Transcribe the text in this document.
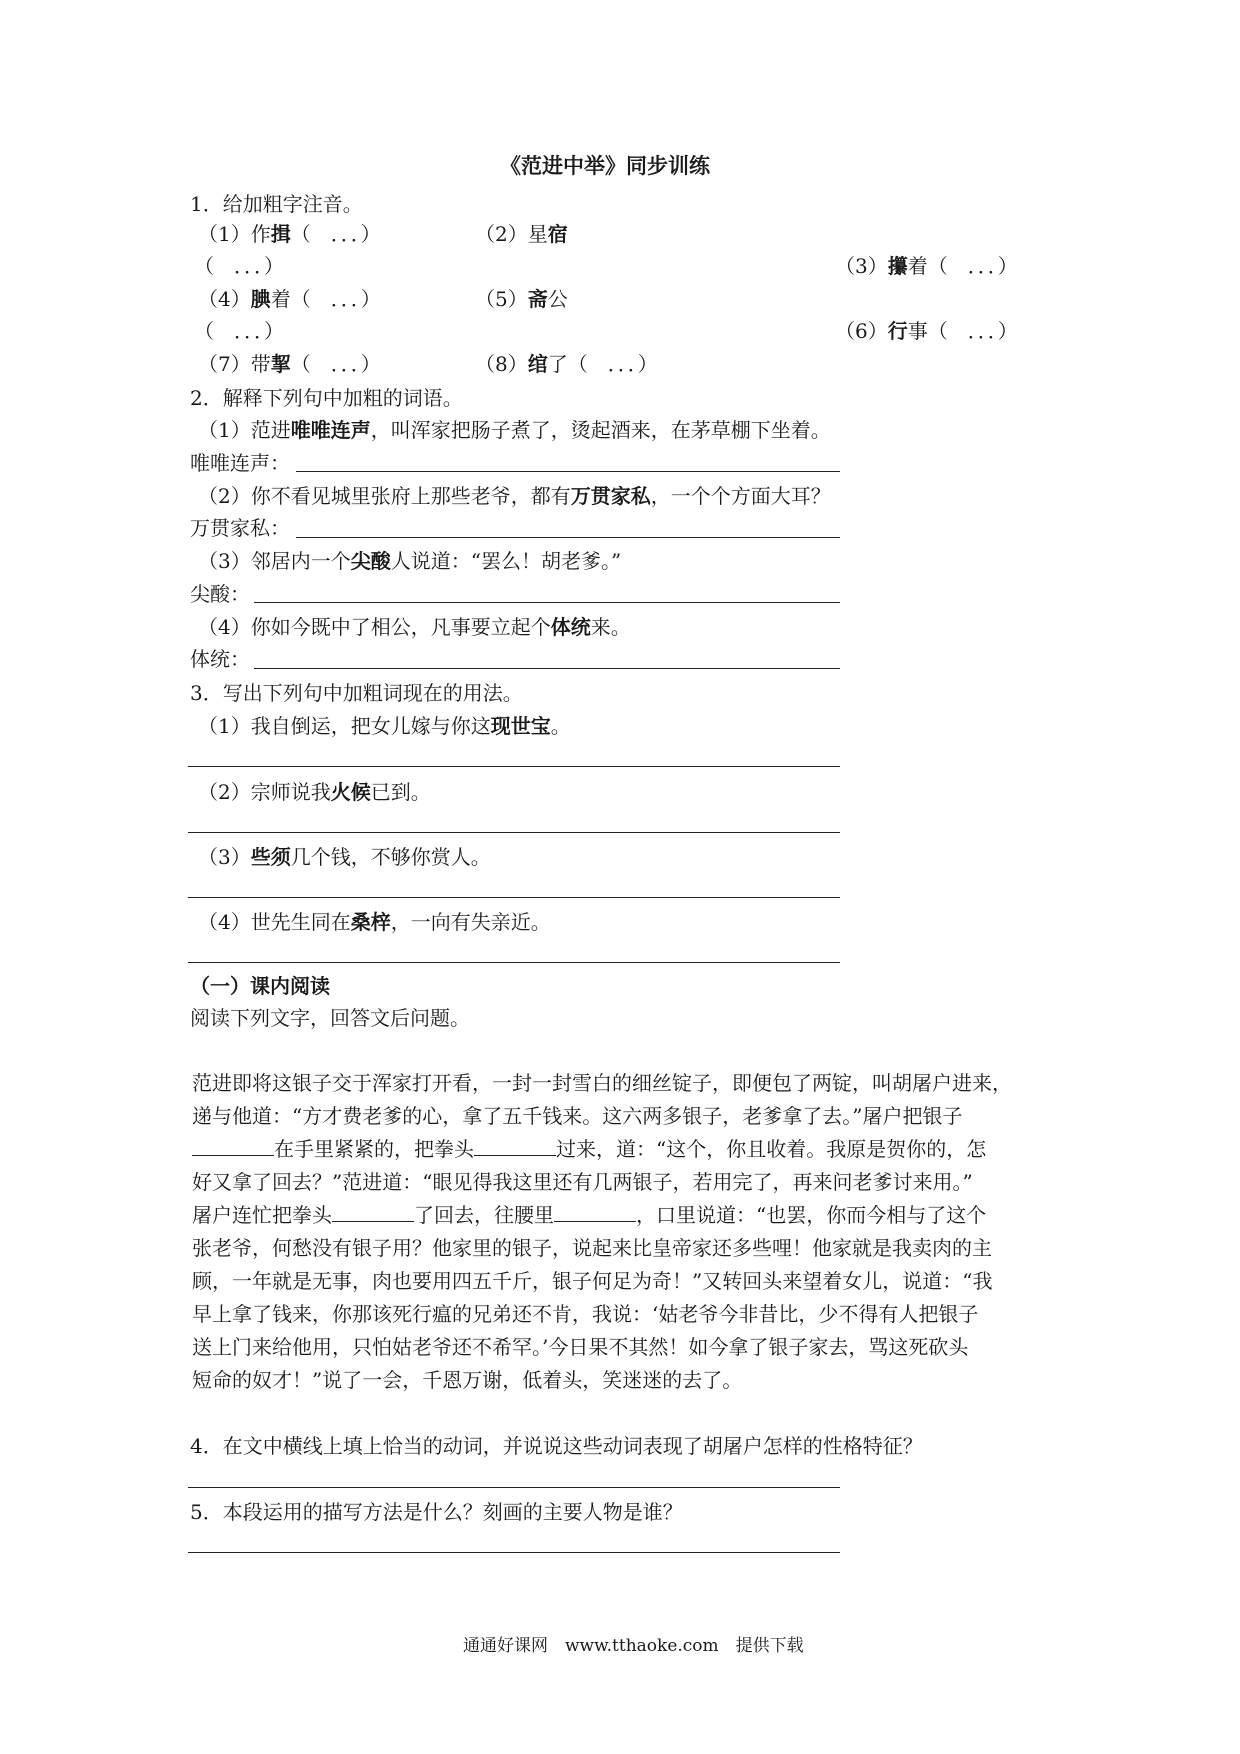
《范进中举》同步训练
1．给加粗字注音。
（1）作揖（　．．．）	（2）星宿
（　．．．）	（3）攥着（　．．．）
（4）腆着（　．．．）	（5）斋公
（　．．．）	（6）行事（　．．．）
（7）带挈（　．．．）	（8）绾了（　．．．）
2．解释下列句中加粗的词语。
（1）范进唯唯连声，叫浑家把肠子煮了，烫起酒来，在茅草棚下坐着。
唯唯连声：
（2）你不看见城里张府上那些老爷，都有万贯家私，一个个方面大耳？
万贯家私：
（3）邻居内一个尖酸人说道：“罢么！胡老爹。”
尖酸：
（4）你如今既中了相公，凡事要立起个体统来。
体统：
3．写出下列句中加粗词现在的用法。
（1）我自倒运，把女儿嫁与你这现世宝。
（2）宗师说我火候已到。
（3）些须几个钱，不够你赏人。
（4）世先生同在桑梓，一向有失亲近。
（一）课内阅读
阅读下列文字，回答文后问题。
范进即将这银子交于浑家打开看，一封一封雪白的细丝锭子，即便包了两锭，叫胡屠户进来，
递与他道：“方才费老爹的心，拿了五千钱来。这六两多银子，老爹拿了去。”屠户把银子
在手里紧紧的，把拳头	过来，道：“这个，你且收着。我原是贺你的，怎
好又拿了回去？”范进道：“眼见得我这里还有几两银子，若用完了，再来问老爹讨来用。”
屠户连忙把拳头	了回去，往腰里	，口里说道：“也罢，你而今相与了这个
张老爷，何愁没有银子用？他家里的银子，说起来比皇帝家还多些哩！他家就是我卖肉的主
顾，一年就是无事，肉也要用四五千斤，银子何足为奇！”又转回头来望着女儿，说道：“我
早上拿了钱来，你那该死行瘟的兄弟还不肯，我说：‘姑老爷今非昔比，少不得有人把银子
送上门来给他用，只怕姑老爷还不希罕。’今日果不其然！如今拿了银子家去，骂这死砍头
短命的奴才！”说了一会，千恩万谢，低着头，笑迷迷的去了。
4．在文中横线上填上恰当的动词，并说说这些动词表现了胡屠户怎样的性格特征？
5．本段运用的描写方法是什么？刻画的主要人物是谁？
通通好课网　www.tthaoke.com　提供下载
